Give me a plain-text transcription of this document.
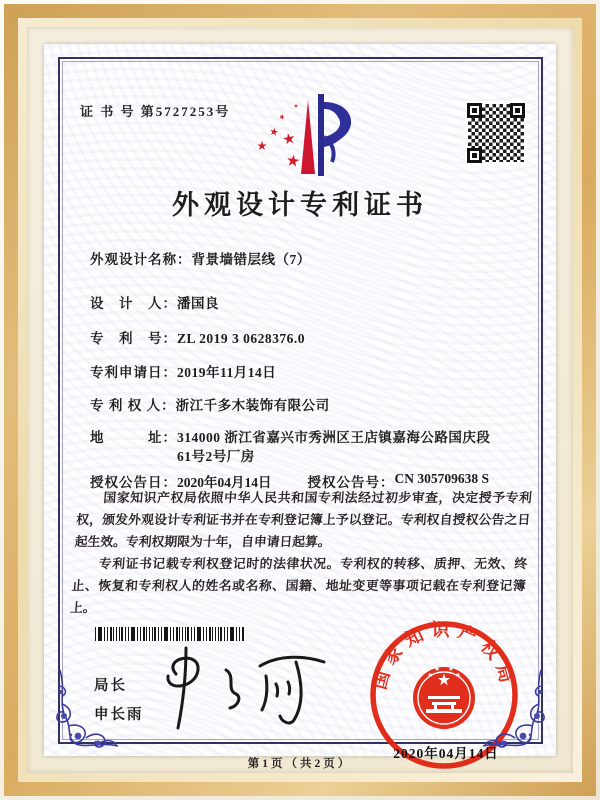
证 书 号 第5727253号
外观设计专利证书
外观设计名称： 背景墙错层线（7）
设　计　人： 潘国良
专　利　号： ZL 2019 3 0628376.0
专利申请日： 2019年11月14日
专 利 权 人： 浙江千多木装饰有限公司
地　　　址： 314000 浙江省嘉兴市秀洲区王店镇嘉海公路国庆段61号2号厂房
授权公告日： 2020年04月14日	授权公告号： CN 305709638 S

国家知识产权局依照中华人民共和国专利法经过初步审查，决定授予专利权，颁发外观设计专利证书并在专利登记簿上予以登记。专利权自授权公告之日起生效。专利权期限为十年，自申请日起算。

专利证书记载专利权登记时的法律状况。专利权的转移、质押、无效、终止、恢复和专利权人的姓名或名称、国籍、地址变更等事项记载在专利登记簿上。

局长
申长雨
国家知识产权局
2020年04月14日
第1页（共2页）
